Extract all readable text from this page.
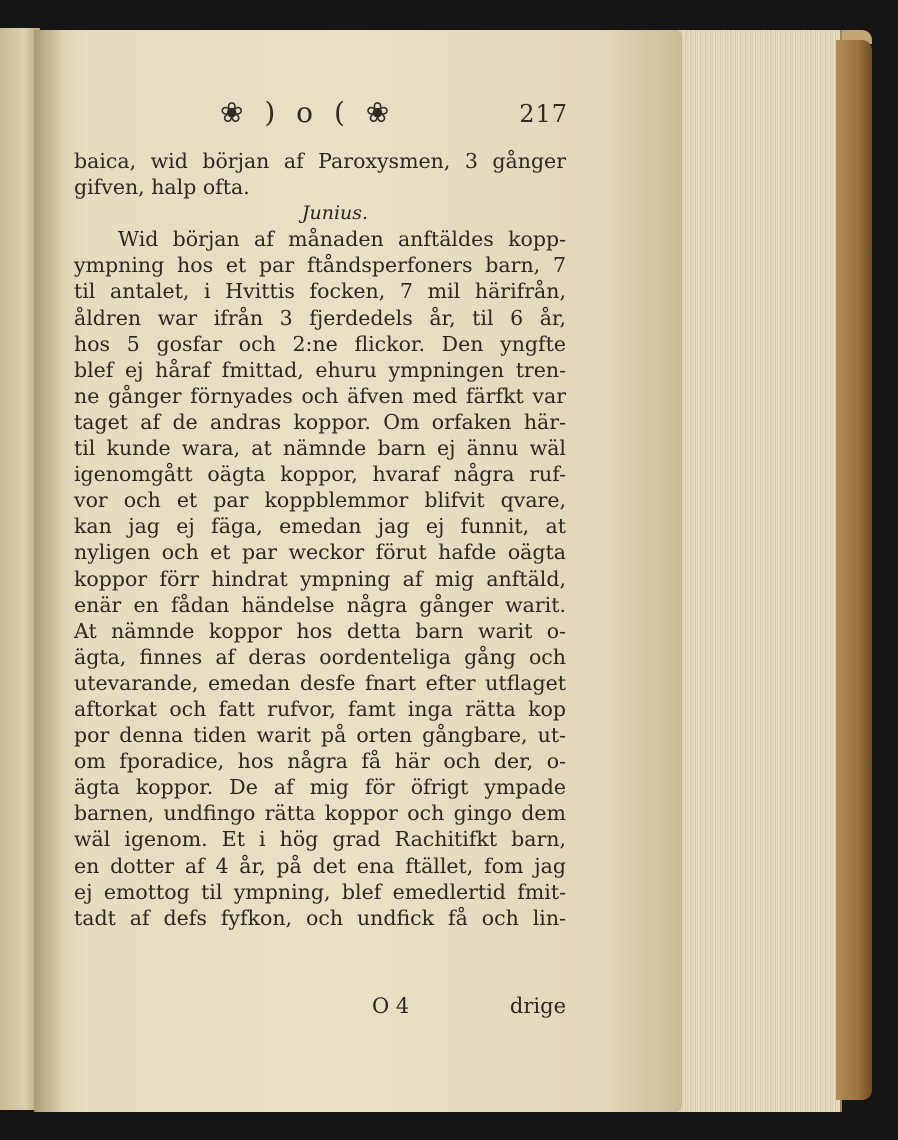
❀ ) o ( ❀	217
baica, wid början af Paroxysmen, 3 gånger
gifven, halp ofta.
Junius.
Wid början af månaden anftäldes kopp-
ympning hos et par ftåndsperfoners barn, 7
til antalet, i Hvittis focken, 7 mil härifrån,
åldren war ifrån 3 fjerdedels år, til 6 år,
hos 5 gosfar och 2:ne flickor. Den yngfte
blef ej håraf fmittad, ehuru ympningen tren-
ne gånger förnyades och äfven med färfkt var
taget af de andras koppor. Om orfaken här-
til kunde wara, at nämnde barn ej ännu wäl
igenomgått oägta koppor, hvaraf några ruf-
vor och et par koppblemmor blifvit qvare,
kan jag ej fäga, emedan jag ej funnit, at
nyligen och et par weckor förut hafde oägta
koppor förr hindrat ympning af mig anftäld,
enär en fådan händelse några gånger warit.
At nämnde koppor hos detta barn warit o-
ägta, finnes af deras oordenteliga gång och
utevarande, emedan desfe fnart efter utflaget
aftorkat och fatt rufvor, famt inga rätta kop
por denna tiden warit på orten gångbare, ut-
om fporadice, hos några få här och der, o-
ägta koppor. De af mig för öfrigt ympade
barnen, undfingo rätta koppor och gingo dem
wäl igenom. Et i hög grad Rachitifkt barn,
en dotter af 4 år, på det ena ftället, fom jag
ej emottog til ympning, blef emedlertid fmit-
tadt af defs fyfkon, och undfick få och lin-
O 4	drige
